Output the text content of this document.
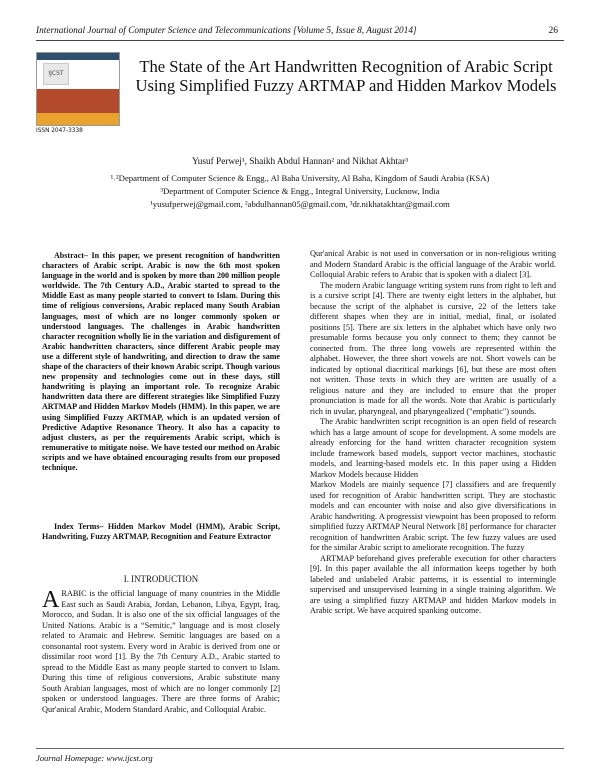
International Journal of Computer Science and Telecommunications [Volume 5, Issue 8, August 2014]	26
IJCST
ISSN 2047-3338
The State of the Art Handwritten Recognition of Arabic Script Using Simplified Fuzzy ARTMAP and Hidden Markov Models
Yusuf Perwej¹, Shaikh Abdul Hannan² and Nikhat Akhtar³
¹˒²Department of Computer Science & Engg., Al Baha University, Al Baha, Kingdom of Saudi Arabia (KSA)
³Department of Computer Science & Engg., Integral University, Lucknow, India
¹yusufperwej@gmail.com, ²abdulhannan05@gmail.com, ³dr.nikhatakhtar@gmail.com

Abstract– In this paper, we present recognition of handwritten characters of Arabic script. Arabic is now the 6th most spoken language in the world and is spoken by more than 200 million people worldwide. The 7th Century A.D., Arabic started to spread to the Middle East as many people started to convert to Islam. During this time of religious conversions, Arabic replaced many South Arabian languages, most of which are no longer commonly spoken or understood languages. The challenges in Arabic handwritten character recognition wholly lie in the variation and disfigurement of Arabic handwritten characters, since different Arabic people may use a different style of handwriting, and direction to draw the same shape of the characters of their known Arabic script. Though various new propensity and technologies come out in these days, still handwriting is playing an important role. To recognize Arabic handwritten data there are different strategies like Simplified Fuzzy ARTMAP and Hidden Markov Models (HMM). In this paper, we are using Simplified Fuzzy ARTMAP, which is an updated version of Predictive Adaptive Resonance Theory. It also has a capacity to adjust clusters, as per the requirements Arabic script, which is remunerative to mitigate noise. We have tested our method on Arabic scripts and we have obtained encouraging results from our proposed technique.

Index Terms– Hidden Markov Model (HMM), Arabic Script, Handwriting, Fuzzy ARTMAP, Recognition and Feature Extractor

I. INTRODUCTION

ARABIC is the official language of many countries in the Middle East such as Saudi Arabia, Jordan, Lebanon, Libya, Egypt, Iraq, Morocco, and Sudan. It is also one of the six official languages of the United Nations. Arabic is a “Semitic,” language and is most closely related to Aramaic and Hebrew. Semitic languages are based on a consonantal root system. Every word in Arabic is derived from one or dissimilar root word [1]. By the 7th Century A.D., Arabic started to spread to the Middle East as many people started to convert to Islam. During this time of religious conversions, Arabic substitute many South Arabian languages, most of which are no longer commonly [2] spoken or understood languages. There are three forms of Arabic; Qur'anical Arabic, Modern Standard Arabic, and Colloquial Arabic.

Qur'anical Arabic is not used in conversation or in non-religious writing and Modern Standard Arabic is the official language of the Arabic world. Colloquial Arabic refers to Arabic that is spoken with a dialect [3].

The modern Arabic language writing system runs from right to left and is a cursive script [4]. There are twenty eight letters in the alphabet, but because the script of the alphabet is cursive, 22 of the letters take different shapes when they are in initial, medial, final, or isolated positions [5]. There are six letters in the alphabet which have only two presumable forms because you only connect to them; they cannot be connected from. The three long vowels are represented within the alphabet. However, the three short vowels are not. Short vowels can be indicated by optional diacritical markings [6], but these are most often not written. Those texts in which they are written are usually of a religious nature and they are included to ensure that the proper pronunciation is made for all the words. Note that Arabic is particularly rich in uvular, pharyngeal, and pharyngealized ("emphatic") sounds.

The Arabic handwritten script recognition is an open field of research which has a large amount of scope for development. A some models are already enforcing for the hand written character recognition system include framework based models, support vector machines, stochastic models, and learning-based models etc. In this paper using a Hidden Markov Models because Hidden

Markov Models are mainly sequence [7] classifiers and are frequently used for recognition of Arabic handwritten script. They are stochastic models and can encounter with noise and also give diversifications in Arabic handwriting. A progressist viewpoint has been proposed to reform simplified fuzzy ARTMAP Neural Network [8] performance for character recognition of handwritten Arabic script. The few fuzzy values are used for the similar Arabic script to ameliorate recognition. The fuzzy

ARTMAP beforehand gives preferable execution for other characters [9]. In this paper available the all information keeps together by both labeled and unlabeled Arabic patterns, it is essential to intermingle supervised and unsupervised learning in a single training algorithm. We are using a simplified fuzzy ARTMAP and hidden Markov models in Arabic script. We have acquired spanking outcome.

Journal Homepage: www.ijcst.org
